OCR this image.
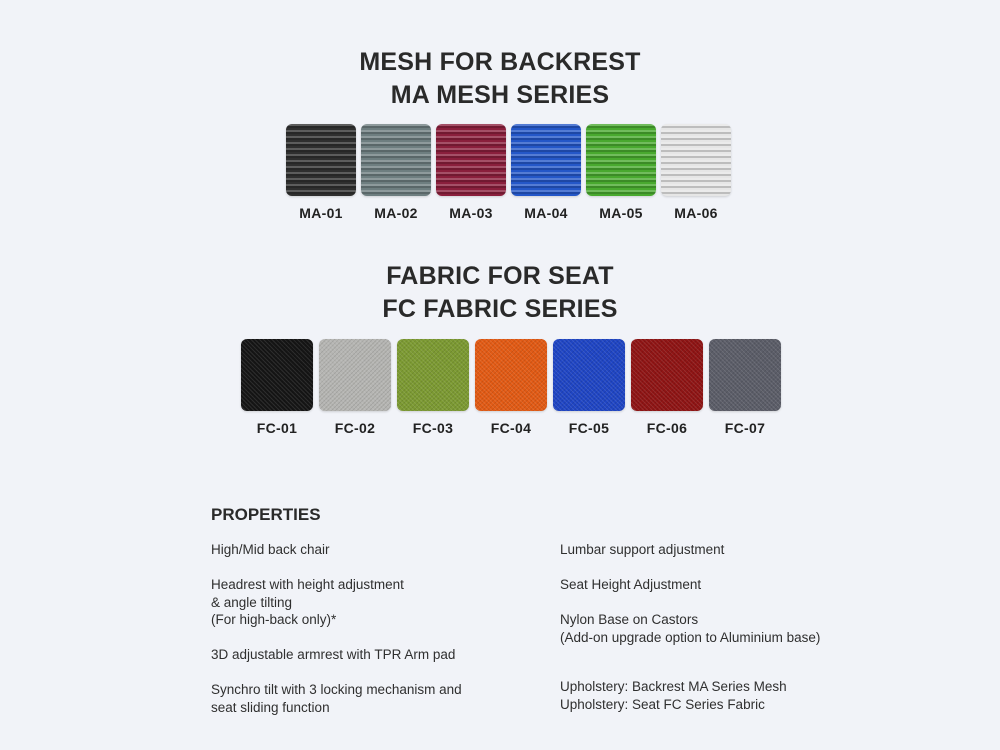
MESH FOR BACKREST
MA MESH SERIES
MA-01 MA-02 MA-03 MA-04 MA-05 MA-06
FABRIC FOR SEAT
FC FABRIC SERIES
FC-01	FC-02	FC-03	FC-04	FC-05	FC-06	FC-07
PROPERTIES
High/Mid back chair
Headrest with height adjustment
& angle tilting
(For high-back only)*
3D adjustable armrest with TPR Arm pad
Synchro tilt with 3 locking mechanism and
seat sliding function
Lumbar support adjustment
Seat Height Adjustment
Nylon Base on Castors
(Add-on upgrade option to Aluminium base)
Upholstery: Backrest MA Series Mesh
Upholstery: Seat FC Series Fabric
